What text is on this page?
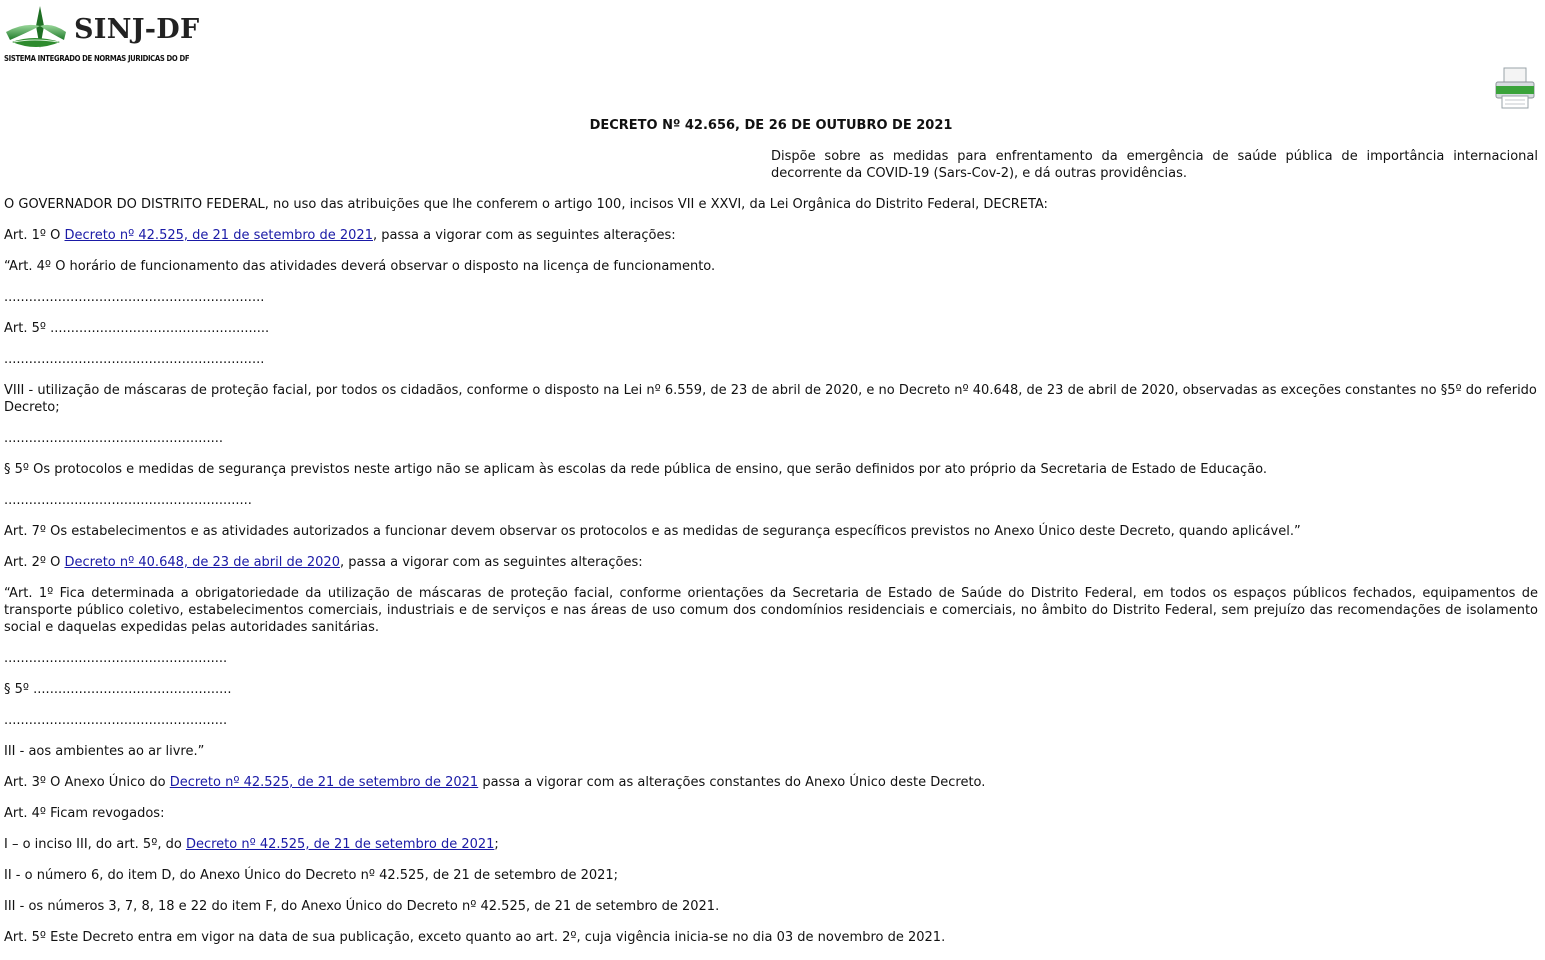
SINJ-DF
SISTEMA INTEGRADO DE NORMAS JURIDICAS DO DF
DECRETO Nº 42.656, DE 26 DE OUTUBRO DE 2021
Dispõe sobre as medidas para enfrentamento da emergência de saúde pública de importância internacional decorrente da COVID-19 (Sars-Cov-2), e dá outras providências.

O GOVERNADOR DO DISTRITO FEDERAL, no uso das atribuições que lhe conferem o artigo 100, incisos VII e XXVI, da Lei Orgânica do Distrito Federal, DECRETA:

Art. 1º O Decreto nº 42.525, de 21 de setembro de 2021, passa a vigorar com as seguintes alterações:

“Art. 4º O horário de funcionamento das atividades deverá observar o disposto na licença de funcionamento.

...............................................................

Art. 5º .....................................................

...............................................................

VIII - utilização de máscaras de proteção facial, por todos os cidadãos, conforme o disposto na Lei nº 6.559, de 23 de abril de 2020, e no Decreto nº 40.648, de 23 de abril de 2020, observadas as exceções constantes no §5º do referido Decreto;

.....................................................

§ 5º Os protocolos e medidas de segurança previstos neste artigo não se aplicam às escolas da rede pública de ensino, que serão definidos por ato próprio da Secretaria de Estado de Educação.

............................................................

Art. 7º Os estabelecimentos e as atividades autorizados a funcionar devem observar os protocolos e as medidas de segurança específicos previstos no Anexo Único deste Decreto, quando aplicável.”

Art. 2º O Decreto nº 40.648, de 23 de abril de 2020, passa a vigorar com as seguintes alterações:

“Art. 1º Fica determinada a obrigatoriedade da utilização de máscaras de proteção facial, conforme orientações da Secretaria de Estado de Saúde do Distrito Federal, em todos os espaços públicos fechados, equipamentos de transporte público coletivo, estabelecimentos comerciais, industriais e de serviços e nas áreas de uso comum dos condomínios residenciais e comerciais, no âmbito do Distrito Federal, sem prejuízo das recomendações de isolamento social e daquelas expedidas pelas autoridades sanitárias.

......................................................

§ 5º ................................................

......................................................

III - aos ambientes ao ar livre.”

Art. 3º O Anexo Único do Decreto nº 42.525, de 21 de setembro de 2021 passa a vigorar com as alterações constantes do Anexo Único deste Decreto.

Art. 4º Ficam revogados:

I – o inciso III, do art. 5º, do Decreto nº 42.525, de 21 de setembro de 2021;

II - o número 6, do item D, do Anexo Único do Decreto nº 42.525, de 21 de setembro de 2021;

III - os números 3, 7, 8, 18 e 22 do item F, do Anexo Único do Decreto nº 42.525, de 21 de setembro de 2021.

Art. 5º Este Decreto entra em vigor na data de sua publicação, exceto quanto ao art. 2º, cuja vigência inicia-se no dia 03 de novembro de 2021.
